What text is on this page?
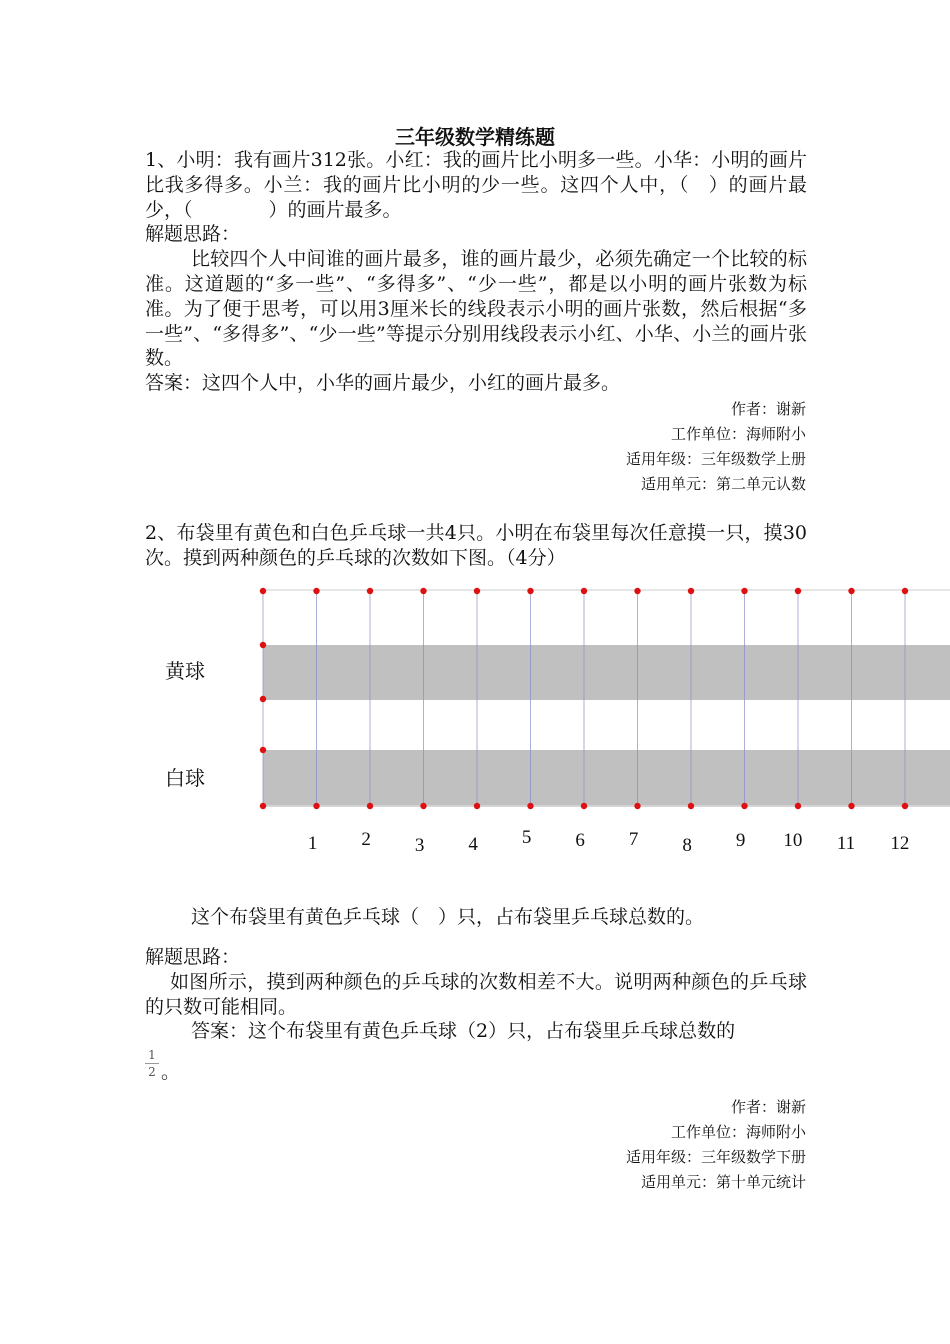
三年级数学精练题

1、小明：我有画片312张。小红：我的画片比小明多一些。小华：小明的画片比我多得多。小兰：我的画片比小明的少一些。这四个人中，（　）的画片最少，（　　　　）的画片最多。

解题思路：

比较四个人中间谁的画片最多，谁的画片最少，必须先确定一个比较的标准。这道题的“多一些”、“多得多”、“少一些”，都是以小明的画片张数为标准。为了便于思考，可以用3厘米长的线段表示小明的画片张数，然后根据“多一些”、“多得多”、“少一些”等提示分别用线段表示小红、小华、小兰的画片张数。

答案：这四个人中，小华的画片最少，小红的画片最多。

作者：谢新
工作单位：海师附小
适用年级：三年级数学上册
适用单元：第二单元认数

2、布袋里有黄色和白色乒乓球一共4只。小明在布袋里每次任意摸一只，摸30次。摸到两种颜色的乒乓球的次数如下图。（4分）

黄球
白球
1 2 3 4 5 6 7 8 9 10 11 12
这个布袋里有黄色乒乓球（　）只，占布袋里乒乓球总数的。

解题思路：

如图所示，摸到两种颜色的乒乓球的次数相差不大。说明两种颜色的乒乓球的只数可能相同。

答案：这个布袋里有黄色乒乓球（2）只，占布袋里乒乓球总数的

1
2 。
作者：谢新
工作单位：海师附小
适用年级：三年级数学下册
适用单元：第十单元统计
